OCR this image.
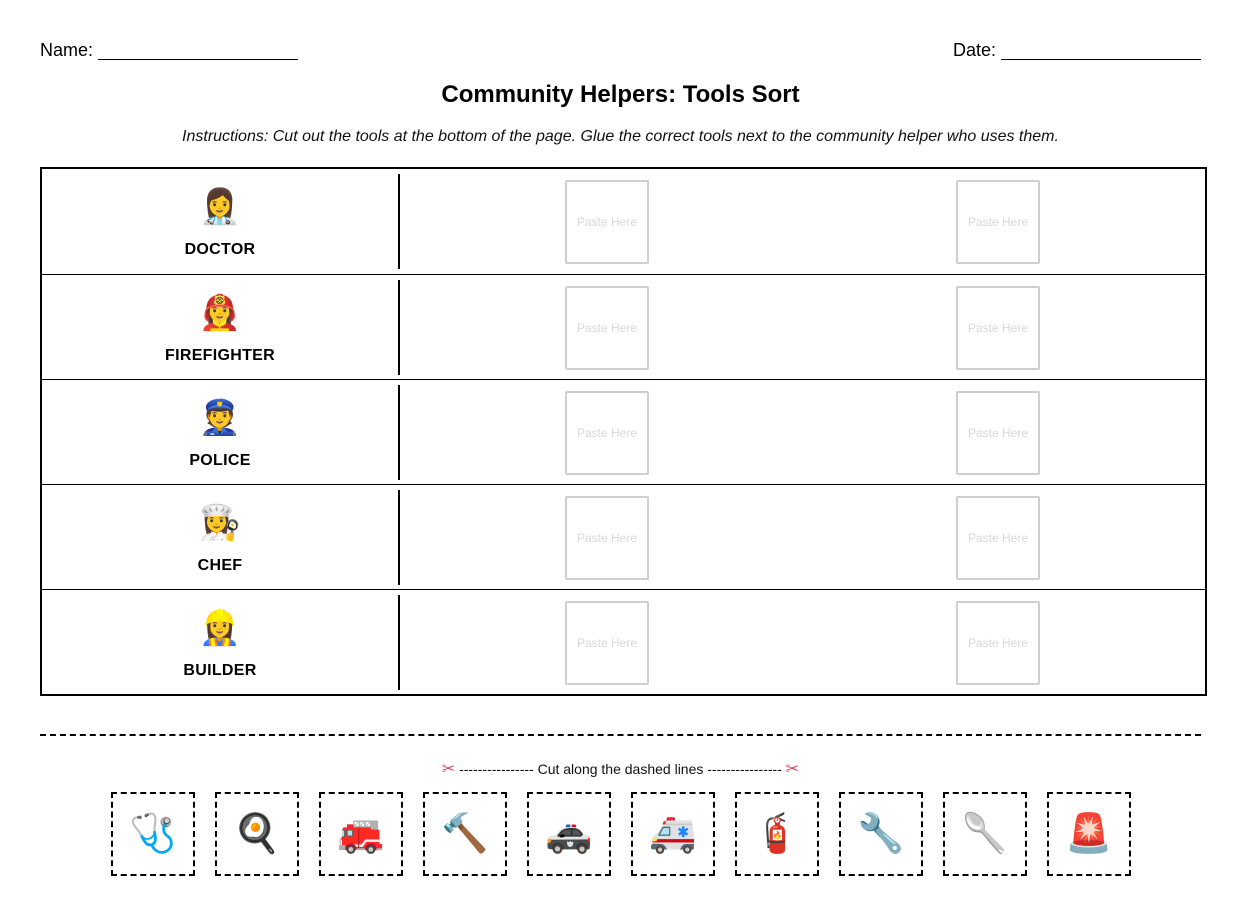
Name:	Date:
Community Helpers: Tools Sort
Instructions: Cut out the tools at the bottom of the page. Glue the correct tools next to the community helper who uses them.
👩‍⚕️
DOCTOR
Paste Here	Paste Here
👩‍🚒
FIREFIGHTER
Paste Here	Paste Here
👮
POLICE
Paste Here	Paste Here
👩‍🍳
CHEF
Paste Here	Paste Here
👷‍♀️
BUILDER
Paste Here	Paste Here
✂ ---------------- Cut along the dashed lines ---------------- ✂
🩺 🍳 🚒 🔨 🚓 🚑 🧯 🔧 🥄 🚨
